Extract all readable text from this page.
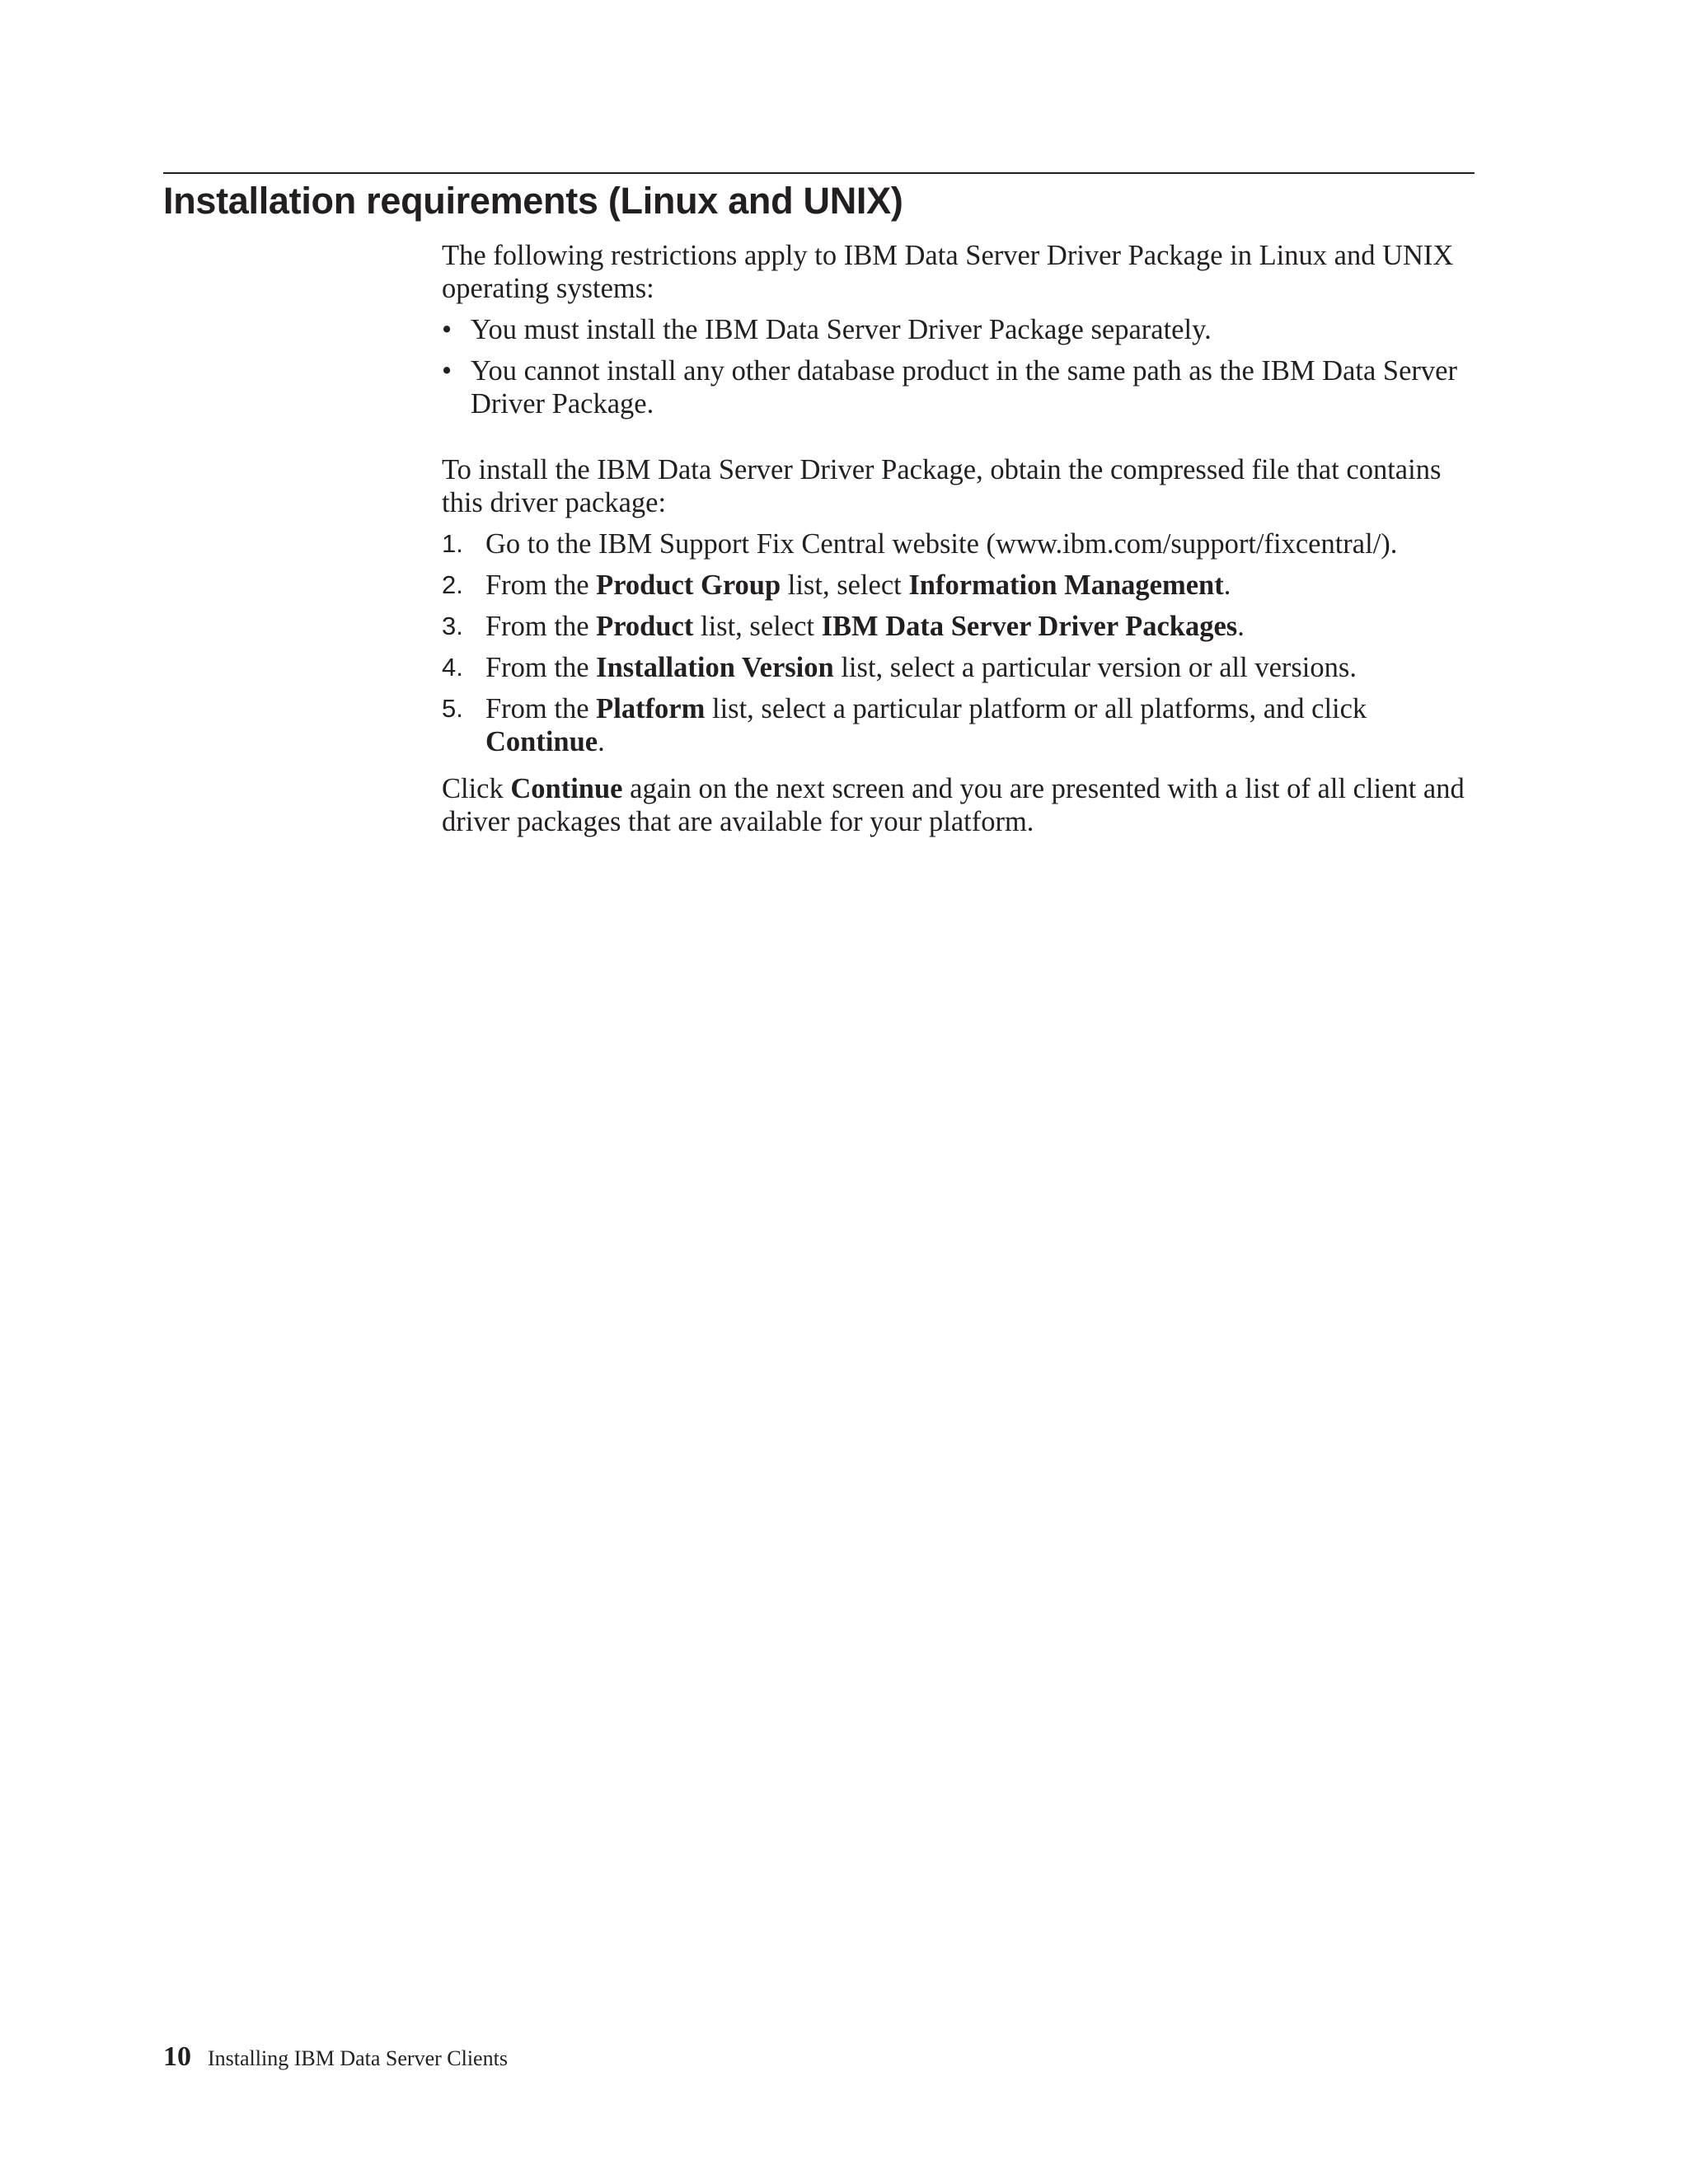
Installation requirements (Linux and UNIX)

The following restrictions apply to IBM Data Server Driver Package in Linux and UNIX operating systems:

• You must install the IBM Data Server Driver Package separately.
• You cannot install any other database product in the same path as the IBM Data Server Driver Package.

To install the IBM Data Server Driver Package, obtain the compressed file that contains this driver package:

1. Go to the IBM Support Fix Central website (www.ibm.com/support/fixcentral/).
2. From the Product Group list, select Information Management.
3. From the Product list, select IBM Data Server Driver Packages.
4. From the Installation Version list, select a particular version or all versions.
5. From the Platform list, select a particular platform or all platforms, and click Continue.

Click Continue again on the next screen and you are presented with a list of all client and driver packages that are available for your platform.

10 Installing IBM Data Server Clients
